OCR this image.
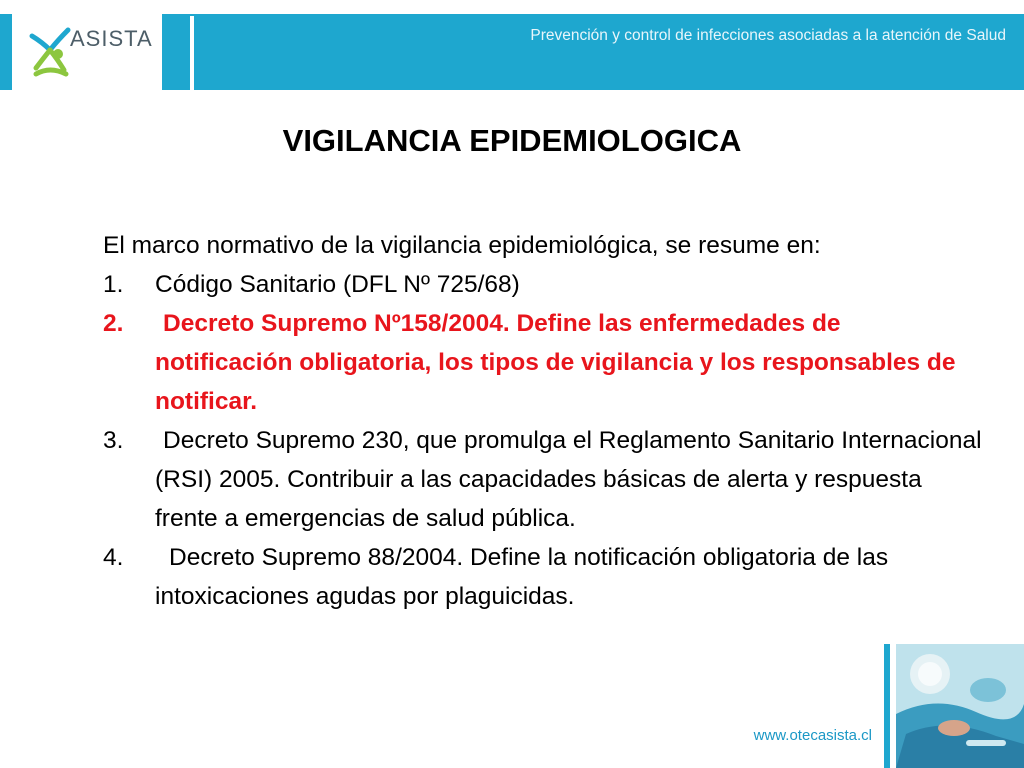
ASISTA	Prevención y control de infecciones asociadas a la atención de Salud
VIGILANCIA EPIDEMIOLOGICA

El marco normativo de la vigilancia epidemiológica, se resume en:

1. Código Sanitario (DFL Nº 725/68)
2. Decreto Supremo Nº158/2004. Define las enfermedades de notificación obligatoria, los tipos de vigilancia y los responsables de notificar.
3. Decreto Supremo 230, que promulga el Reglamento Sanitario Internacional (RSI) 2005. Contribuir a las capacidades básicas de alerta y respuesta frente a emergencias de salud pública.
4. Decreto Supremo 88/2004. Define la notificación obligatoria de las intoxicaciones agudas por plaguicidas.
www.otecasista.cl
